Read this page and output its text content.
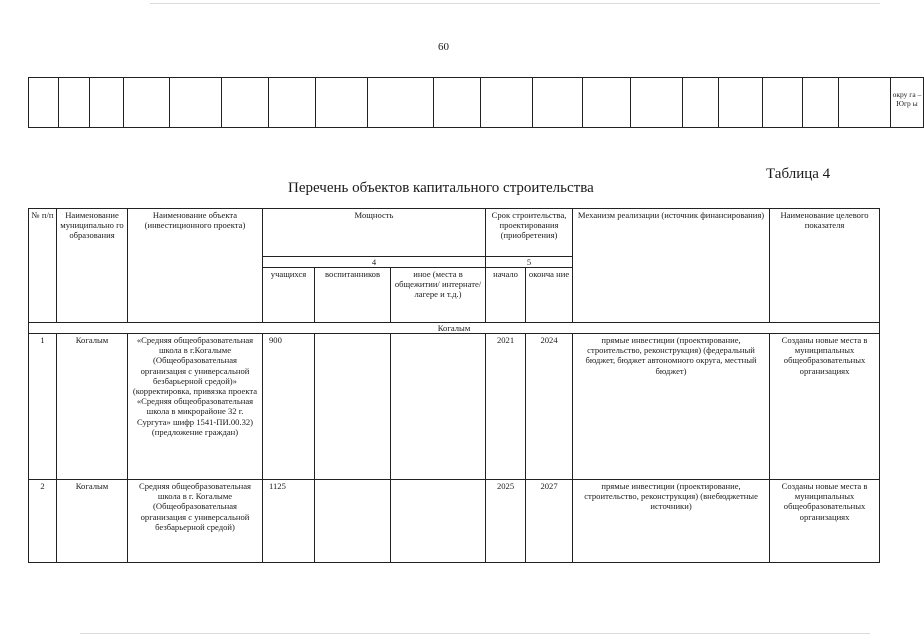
60
																			окру га – Югр ы
Таблица 4
Перечень объектов капитального строительства
№ п/п	Наименование муниципально го образования	Наименование объекта (инвестиционного проекта)	Мощность			Срок строительства, проектирования (приобретения)		Механизм реализации (источник финансирования)	Наименование целевого показателя
			4			5			
			учащихся	воспитанников	иное (места в общежитии/ интернате/ лагере и т.д.)	начало	оконча ние		
Когалым									
1	Когалым	«Средняя общеобразовательная школа в г.Когалыме (Общеобразовательная организация с универсальной безбарьерной средой)» (корректировка, привязка проекта «Средняя общеобразовательная школа в микрорайоне 32 г. Сургута» шифр 1541-ПИ.00.32) (предложение граждан)	900			2021	2024	прямые инвестиции (проектирование, строительство, реконструкция) (федеральный бюджет, бюджет автономного округа, местный бюджет)	Созданы новые места в муниципальных общеобразовательных организациях
2	Когалым	Средняя общеобразовательная школа в г. Когалыме (Общеобразовательная организация с универсальной безбарьерной средой)	1125			2025	2027	прямые инвестиции (проектирование, строительство, реконструкция) (внебюджетные источники)	Созданы новые места в муниципальных общеобразовательных организациях
